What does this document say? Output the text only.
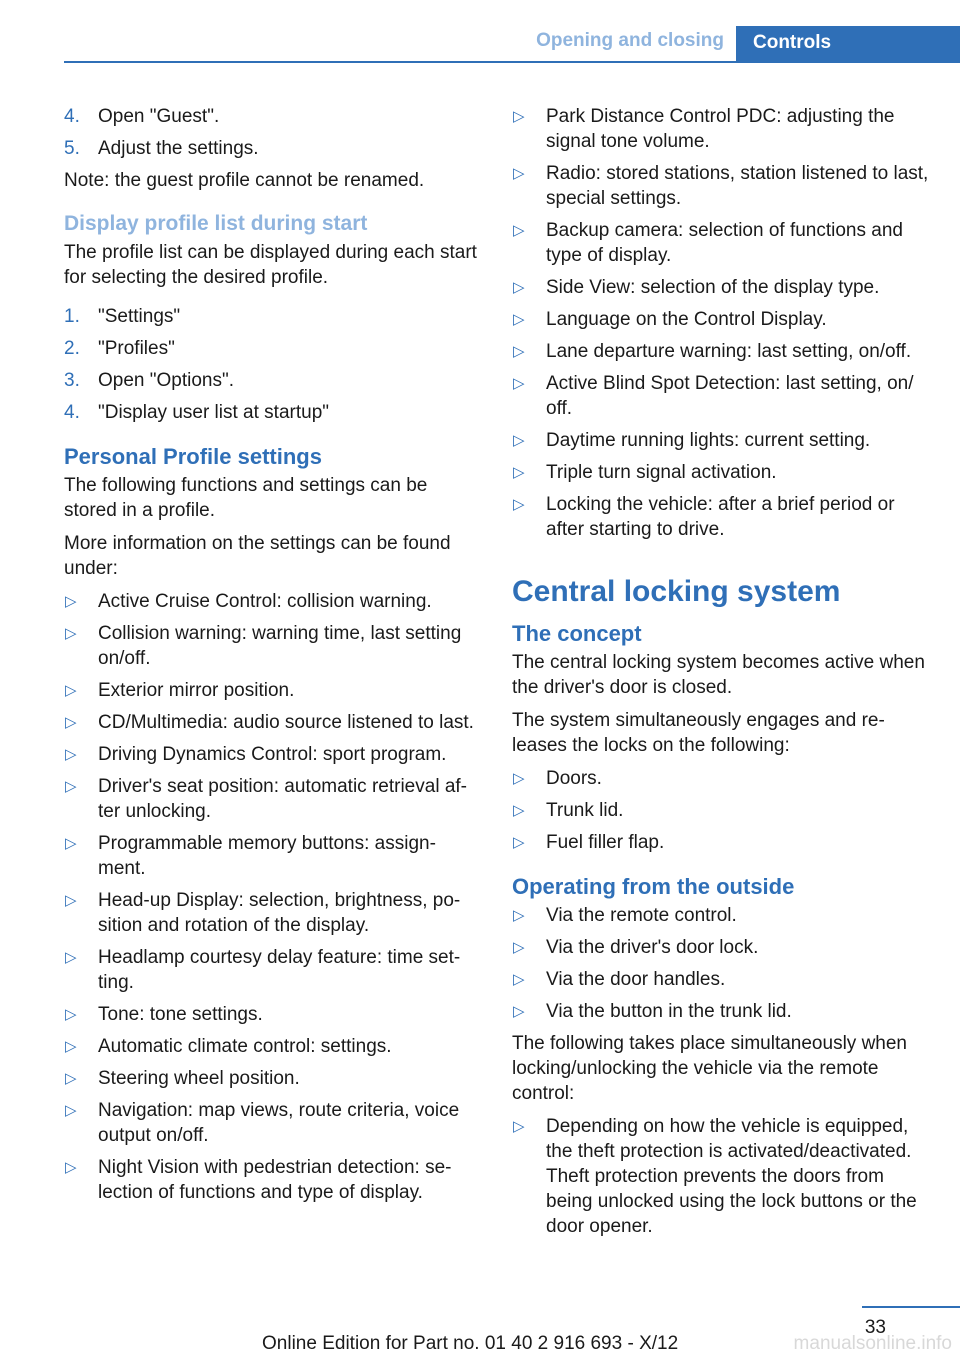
Opening and closing	Controls
4. Open "Guest".
5. Adjust the settings.

Note: the guest profile cannot be renamed.

Display profile list during start

The profile list can be displayed during each start for selecting the desired profile.

1. "Settings"
2. "Profiles"
3. Open "Options".
4. "Display user list at startup"
Personal Profile settings

The following functions and settings can be stored in a profile.

More information on the settings can be found under:

▷ Active Cruise Control: collision warning.
▷ Collision warning: warning time, last setting on/off.
▷ Exterior mirror position.
▷ CD/Multimedia: audio source listened to last.
▷ Driving Dynamics Control: sport program.
▷ Driver's seat position: automatic retrieval af‐ ter unlocking.
▷ Programmable memory buttons: assign‐ ment.
▷ Head-up Display: selection, brightness, po‐ sition and rotation of the display.
▷ Headlamp courtesy delay feature: time set‐ ting.
▷ Tone: tone settings.
▷ Automatic climate control: settings.
▷ Steering wheel position.
▷ Navigation: map views, route criteria, voice output on/off.
▷ Night Vision with pedestrian detection: se‐ lection of functions and type of display.
▷ Park Distance Control PDC: adjusting the signal tone volume.
▷ Radio: stored stations, station listened to last, special settings.
▷ Backup camera: selection of functions and type of display.
▷ Side View: selection of the display type.
▷ Language on the Control Display.
▷ Lane departure warning: last setting, on/off.
▷ Active Blind Spot Detection: last setting, on/ off.
▷ Daytime running lights: current setting.
▷ Triple turn signal activation.
▷ Locking the vehicle: after a brief period or after starting to drive.
Central locking system
The concept

The central locking system becomes active when the driver's door is closed.

The system simultaneously engages and re‐ leases the locks on the following:

▷ Doors.
▷ Trunk lid.
▷ Fuel filler flap.
Operating from the outside
▷ Via the remote control.
▷ Via the driver's door lock.
▷ Via the door handles.
▷ Via the button in the trunk lid.

The following takes place simultaneously when locking/unlocking the vehicle via the remote control:

▷ Depending on how the vehicle is equipped, the theft protection is activated/deactivated. Theft protection prevents the doors from being unlocked using the lock buttons or the door opener.
33
Online Edition for Part no. 01 40 2 916 693 - X/12	manualsonline.info
